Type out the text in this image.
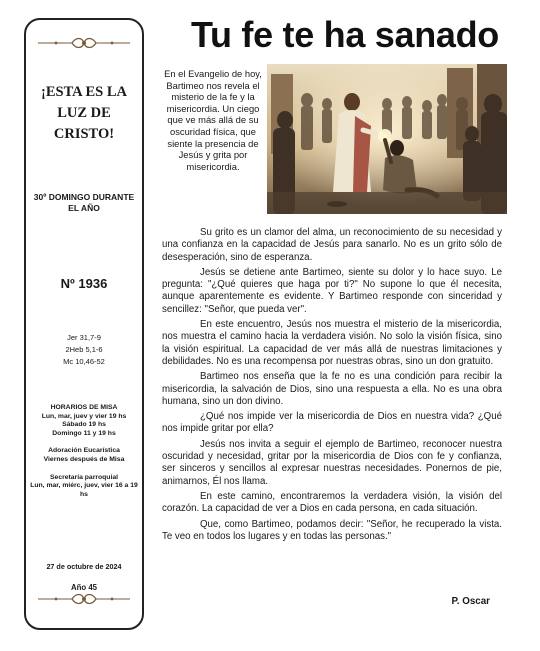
¡ESTA ES LA LUZ DE CRISTO!
30º DOMINGO DURANTE EL AÑO
Nº 1936
Jer 31,7-9
2Heb 5,1-6
Mc 10,46-52

HORARIOS DE MISA
Lun, mar, juev y vier 19 hs
Sábado 19 hs
Domingo 11 y 19 hs

Adoración Eucarística
Viernes después de Misa

Secretaría parroquial
Lun, mar, miérc, juev, vier 16 a 19 hs

27 de octubre de 2024
Año 45
Tu fe te ha sanado
En el Evangelio de hoy, Bartimeo nos revela el misterio de la fe y la misericordia. Un ciego que ve más allá de su oscuridad física, que siente la presencia de Jesús y grita por misericordia.

Su grito es un clamor del alma, un reconocimiento de su necesidad y una confianza en la capacidad de Jesús para sanarlo. No es un grito sólo de desesperación, sino de esperanza.

Jesús se detiene ante Bartimeo, siente su dolor y lo hace suyo. Le pregunta: "¿Qué quieres que haga por ti?" No supone lo que él necesita, aunque aparentemente es evidente. Y Bartimeo responde con sinceridad y sencillez: "Señor, que pueda ver".

En este encuentro, Jesús nos muestra el misterio de la misericordia, nos muestra el camino hacia la verdadera visión. No solo la visión física, sino la visión espiritual. La capacidad de ver más allá de nuestras limitaciones y debilidades. No es una recompensa por nuestras obras, sino un don gratuito.

Bartimeo nos enseña que la fe no es una condición para recibir la misericordia, la salvación de Dios, sino una respuesta a ella. No es una obra humana, sino un don divino.

¿Qué nos impide ver la misericordia de Dios en nuestra vida? ¿Qué nos impide gritar por ella?

Jesús nos invita a seguir el ejemplo de Bartimeo, reconocer nuestra oscuridad y necesidad, gritar por la misericordia de Dios con fe y confianza, ser sinceros y sencillos al expresar nuestras necesidades. Ponernos de pie, animarnos, Él nos llama.

En este camino, encontraremos la verdadera visión, la visión del corazón. La capacidad de ver a Dios en cada persona, en cada situación.

Que, como Bartimeo, podamos decir: "Señor, he recuperado la vista. Te veo en todos los lugares y en todas las personas."

P. Oscar
